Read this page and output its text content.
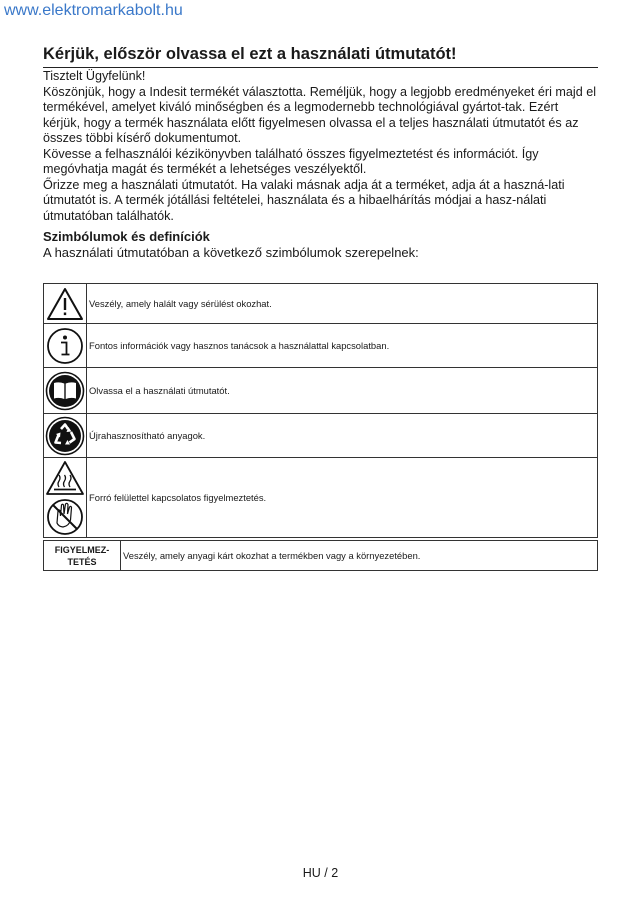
www.elektromarkabolt.hu
Kérjük, először olvassa el ezt a használati útmutatót!

Tisztelt Ügyfelünk!

Köszönjük, hogy a Indesit termékét választotta. Reméljük, hogy a legjobb eredményeket éri majd el termékével, amelyet kiváló minőségben és a legmodernebb technológiával gyártot-tak. Ezért kérjük, hogy a termék használata előtt figyelmesen olvassa el a teljes használati útmutatót és az összes többi kísérő dokumentumot.

Kövesse a felhasználói kézikönyvben található összes figyelmeztetést és információt. Így megóvhatja magát és termékét a lehetséges veszélyektől.

Őrizze meg a használati útmutatót. Ha valaki másnak adja át a terméket, adja át a haszná-lati útmutatót is. A termék jótállási feltételei, használata és a hibaelhárítás módjai a hasz-nálati útmutatóban találhatók.

Szimbólumok és definíciók

A használati útmutatóban a következő szimbólumok szerepelnek:

	Veszély, amely halált vagy sérülést okozhat.

	Fontos információk vagy hasznos tanácsok a használattal kapcsolatban.

	Olvassa el a használati útmutatót.

	Újrahasznosítható anyagok.

	Forró felülettel kapcsolatos figyelmeztetés.
FIGYELMEZ-TETÉS	Veszély, amely anyagi kárt okozhat a termékben vagy a környezetében.
HU / 2
